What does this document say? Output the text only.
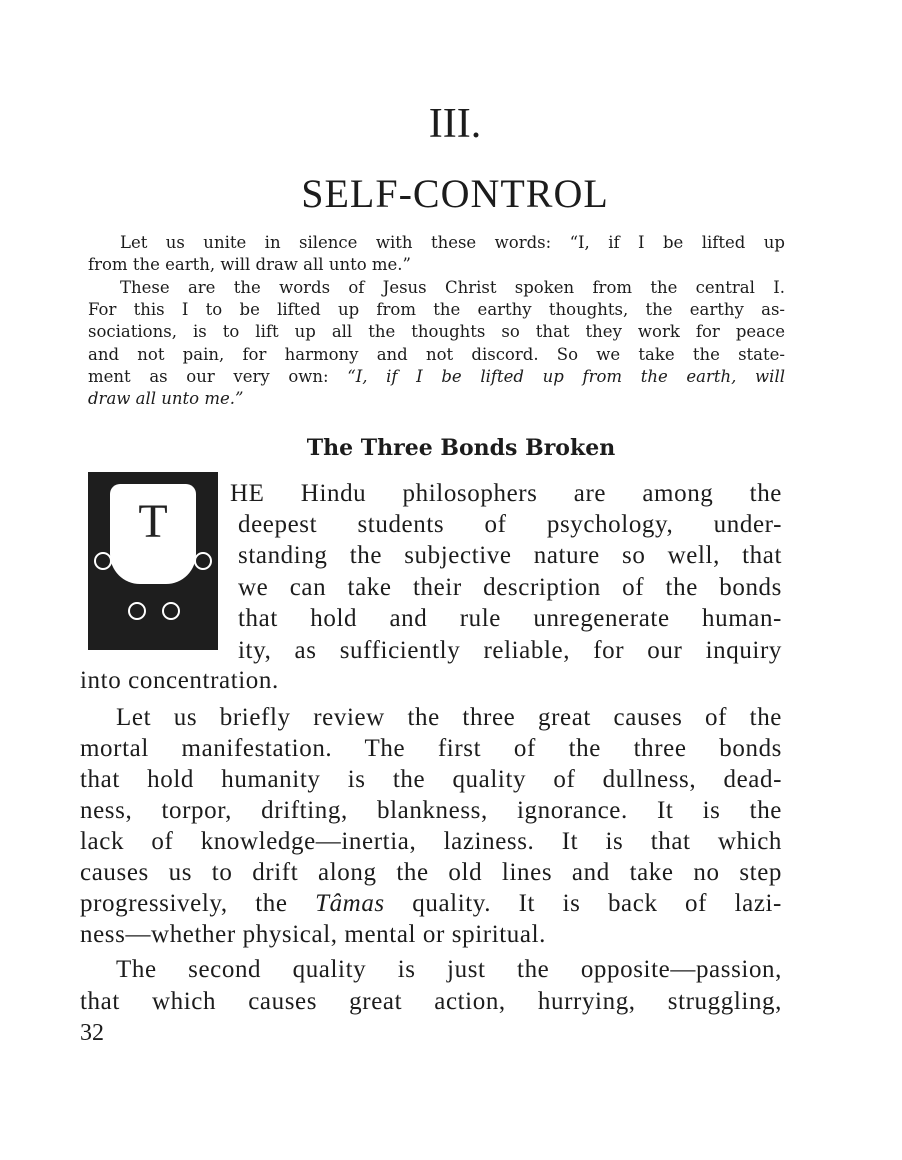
III.
SELF-CONTROL
Let us unite in silence with these words: “I, if I be lifted up
from the earth, will draw all unto me.”
These are the words of Jesus Christ spoken from the central I.
For this I to be lifted up from the earthy thoughts, the earthy as-
sociations, is to lift up all the thoughts so that they work for peace
and not pain, for harmony and not discord. So we take the state-
ment as our very own: “I, if I be lifted up from the earth, will
draw all unto me.”
The Three Bonds Broken
T
HE Hindu philosophers are among the
deepest students of psychology, under-
standing the subjective nature so well, that
we can take their description of the bonds
that hold and rule unregenerate human-
ity, as sufficiently reliable, for our inquiry
into concentration.
Let us briefly review the three great causes of the
mortal manifestation. The first of the three bonds
that hold humanity is the quality of dullness, dead-
ness, torpor, drifting, blankness, ignorance. It is the
lack of knowledge—inertia, laziness. It is that which
causes us to drift along the old lines and take no step
progressively, the Tâmas quality. It is back of lazi-
ness—whether physical, mental or spiritual.
The second quality is just the opposite—passion,
that which causes great action, hurrying, struggling,
32
